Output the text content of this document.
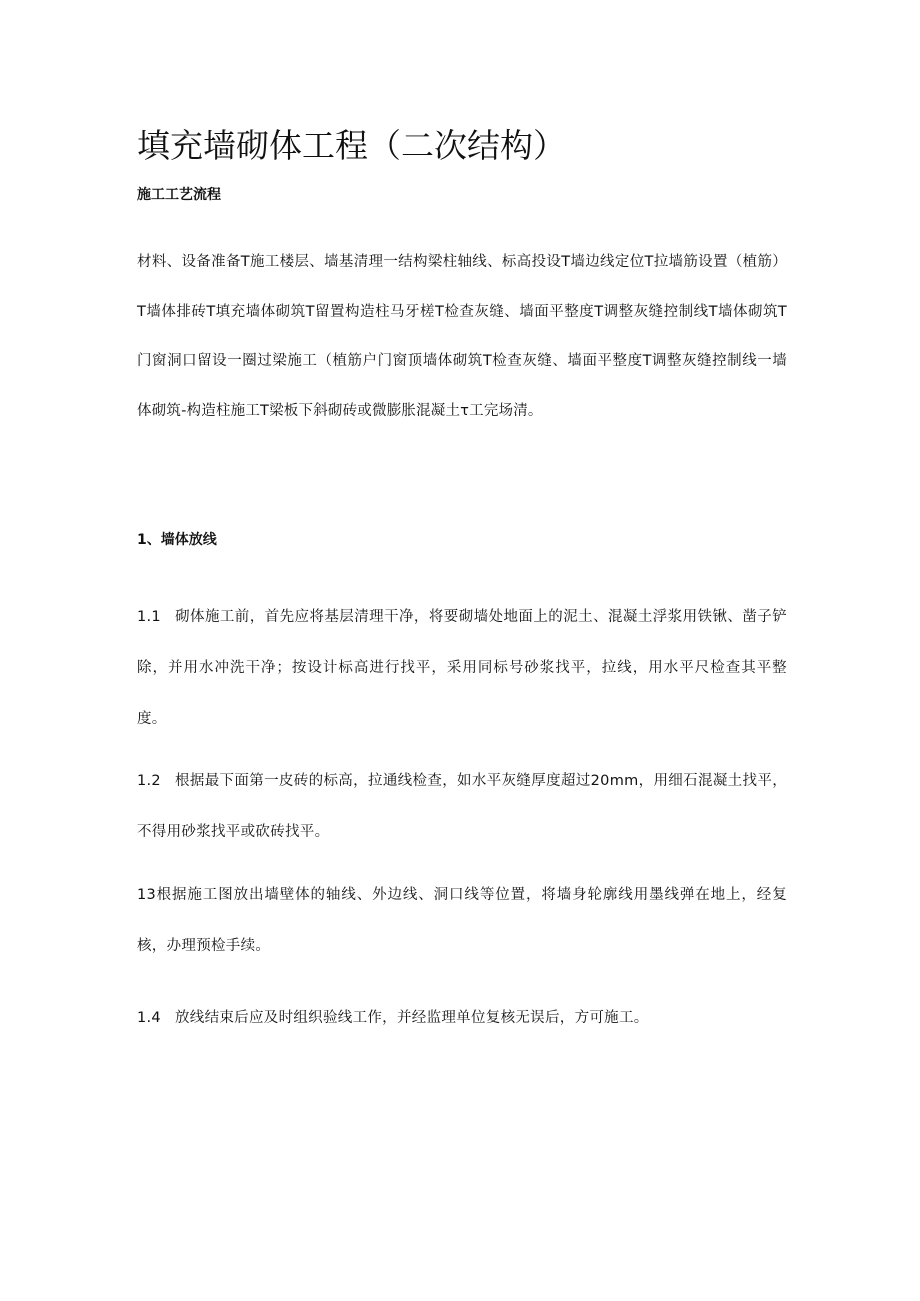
填充墙砌体工程（二次结构）
施工工艺流程

材料、设备准备T施工楼层、墙基清理一结构梁柱轴线、标高投设T墙边线定位T拉墙筋设置（植筋）T墙体排砖T填充墙体砌筑T留置构造柱马牙槎T检查灰缝、墙面平整度T调整灰缝控制线T墙体砌筑T门窗洞口留设一圈过梁施工（植筋户门窗顶墙体砌筑T检查灰缝、墙面平整度T调整灰缝控制线一墙体砌筑-构造柱施工T梁板下斜砌砖或微膨胀混凝土τ工完场清。

1、墙体放线

1.1 砌体施工前，首先应将基层清理干净，将要砌墙处地面上的泥土、混凝土浮浆用铁锹、凿子铲除，并用水冲洗干净；按设计标高进行找平，采用同标号砂浆找平，拉线，用水平尺检查其平整度。

1.2 根据最下面第一皮砖的标高，拉通线检查，如水平灰缝厚度超过20mm，用细石混凝土找平，不得用砂浆找平或砍砖找平。

13根据施工图放出墙壁体的轴线、外边线、洞口线等位置，将墙身轮廓线用墨线弹在地上，经复核，办理预检手续。

1.4 放线结束后应及时组织验线工作，并经监理单位复核无误后，方可施工。
